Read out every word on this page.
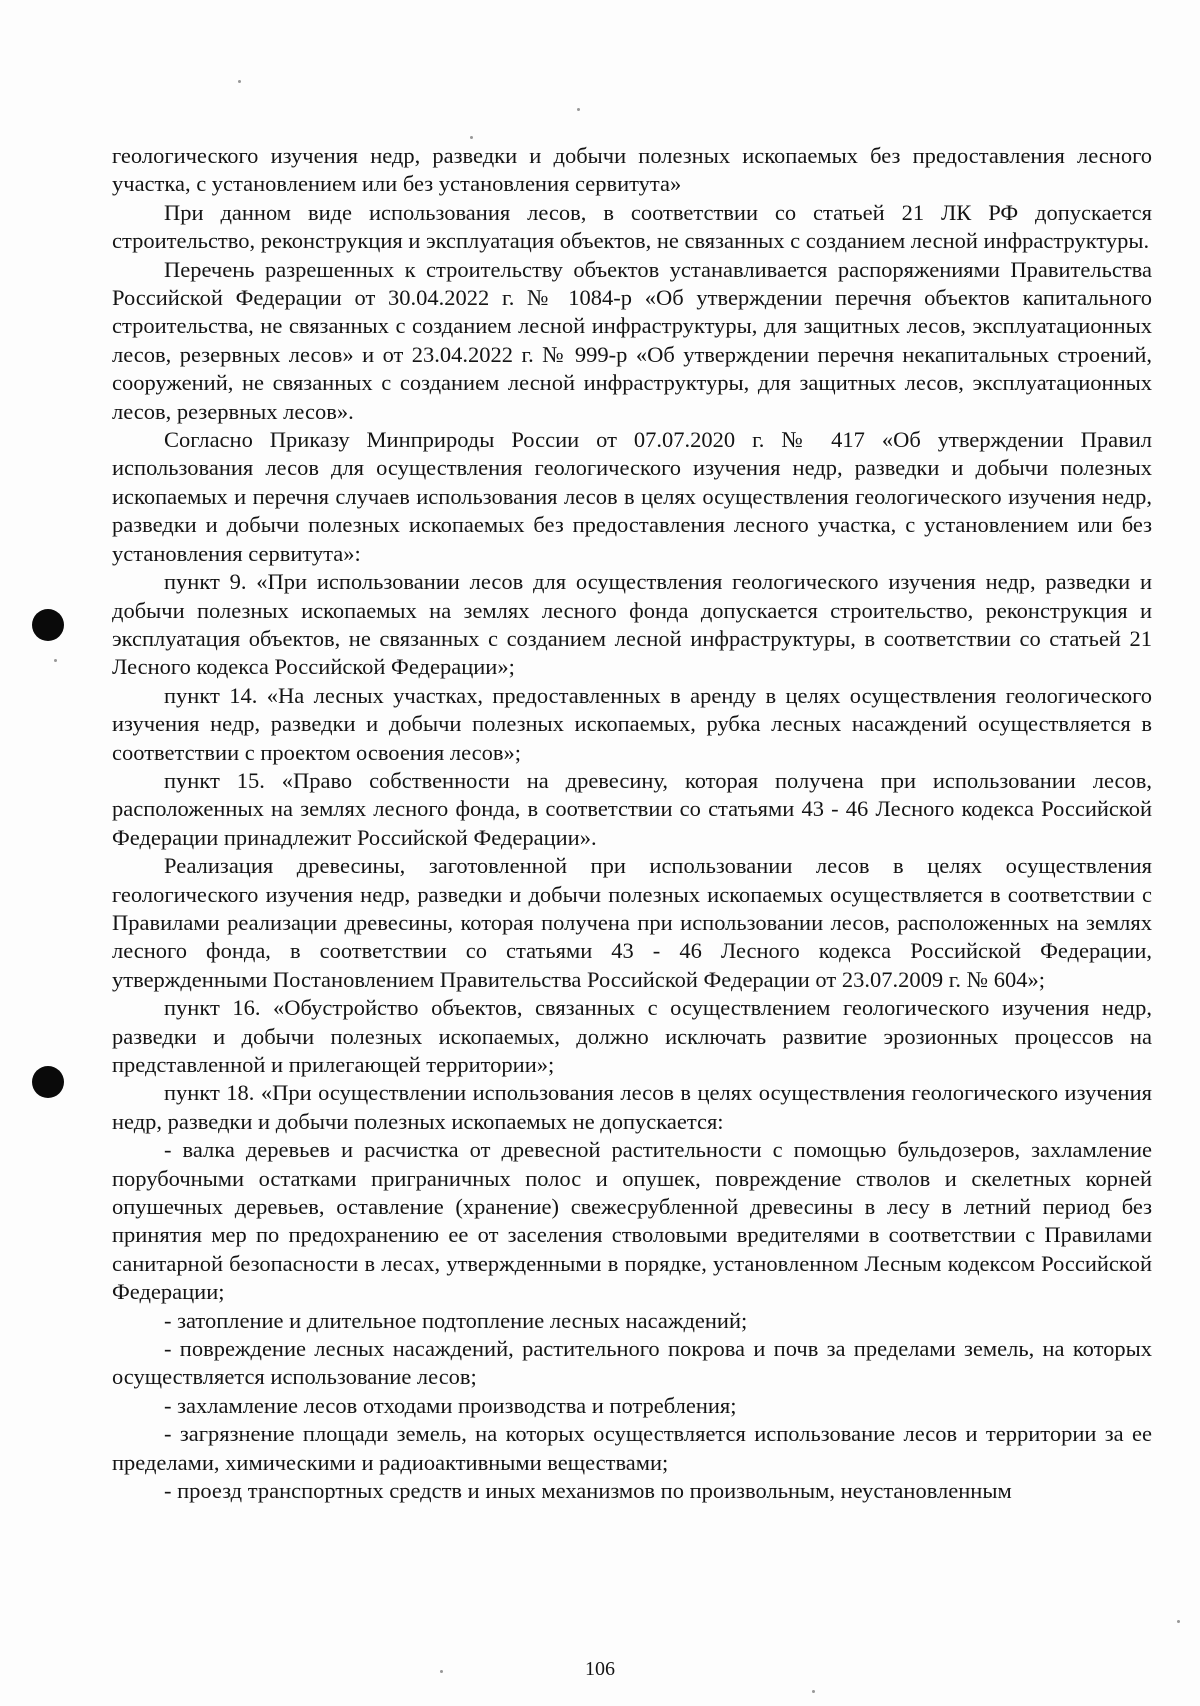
геологического изучения недр, разведки и добычи полезных ископаемых без предоставления лесного участка, с установлением или без установления сервитута»

При данном виде использования лесов, в соответствии со статьей 21 ЛК РФ допускается строительство, реконструкция и эксплуатация объектов, не связанных с созданием лесной инфраструктуры.

Перечень разрешенных к строительству объектов устанавливается распоряжениями Правительства Российской Федерации от 30.04.2022 г. № 1084-р «Об утверждении перечня объектов капитального строительства, не связанных с созданием лесной инфраструктуры, для защитных лесов, эксплуатационных лесов, резервных лесов» и от 23.04.2022 г. № 999-р «Об утверждении перечня некапитальных строений, сооружений, не связанных с созданием лесной инфраструктуры, для защитных лесов, эксплуатационных лесов, резервных лесов».

Согласно Приказу Минприроды России от 07.07.2020 г. № 417 «Об утверждении Правил использования лесов для осуществления геологического изучения недр, разведки и добычи полезных ископаемых и перечня случаев использования лесов в целях осуществления геологического изучения недр, разведки и добычи полезных ископаемых без предоставления лесного участка, с установлением или без установления сервитута»:

пункт 9. «При использовании лесов для осуществления геологического изучения недр, разведки и добычи полезных ископаемых на землях лесного фонда допускается строительство, реконструкция и эксплуатация объектов, не связанных с созданием лесной инфраструктуры, в соответствии со статьей 21 Лесного кодекса Российской Федерации»;

пункт 14. «На лесных участках, предоставленных в аренду в целях осуществления геологического изучения недр, разведки и добычи полезных ископаемых, рубка лесных насаждений осуществляется в соответствии с проектом освоения лесов»;

пункт 15. «Право собственности на древесину, которая получена при использовании лесов, расположенных на землях лесного фонда, в соответствии со статьями 43 - 46 Лесного кодекса Российской Федерации принадлежит Российской Федерации».

Реализация древесины, заготовленной при использовании лесов в целях осуществления геологического изучения недр, разведки и добычи полезных ископаемых осуществляется в соответствии с Правилами реализации древесины, которая получена при использовании лесов, расположенных на землях лесного фонда, в соответствии со статьями 43 - 46 Лесного кодекса Российской Федерации, утвержденными Постановлением Правительства Российской Федерации от 23.07.2009 г. № 604»;

пункт 16. «Обустройство объектов, связанных с осуществлением геологического изучения недр, разведки и добычи полезных ископаемых, должно исключать развитие эрозионных процессов на представленной и прилегающей территории»;

пункт 18. «При осуществлении использования лесов в целях осуществления геологического изучения недр, разведки и добычи полезных ископаемых не допускается:

- валка деревьев и расчистка от древесной растительности с помощью бульдозеров, захламление порубочными остатками приграничных полос и опушек, повреждение стволов и скелетных корней опушечных деревьев, оставление (хранение) свежесрубленной древесины в лесу в летний период без принятия мер по предохранению ее от заселения стволовыми вредителями в соответствии с Правилами санитарной безопасности в лесах, утвержденными в порядке, установленном Лесным кодексом Российской Федерации;

- затопление и длительное подтопление лесных насаждений;

- повреждение лесных насаждений, растительного покрова и почв за пределами земель, на которых осуществляется использование лесов;

- захламление лесов отходами производства и потребления;

- загрязнение площади земель, на которых осуществляется использование лесов и территории за ее пределами, химическими и радиоактивными веществами;

- проезд транспортных средств и иных механизмов по произвольным, неустановленным

106
